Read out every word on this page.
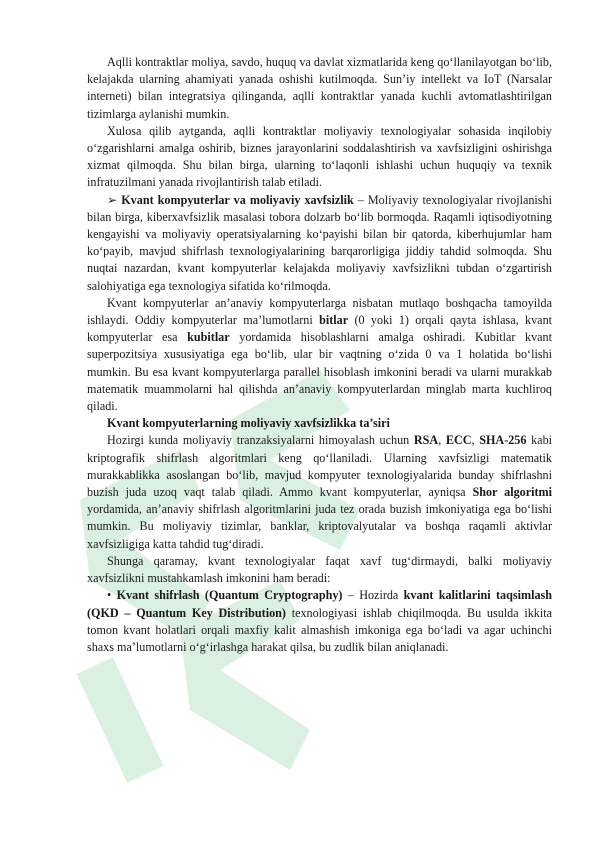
Aqlli kontraktlar moliya, savdo, huquq va davlat xizmatlarida keng qo‘llanilayotgan bo‘lib, kelajakda ularning ahamiyati yanada oshishi kutilmoqda. Sun’iy intellekt va IoT (Narsalar interneti) bilan integratsiya qilinganda, aqlli kontraktlar yanada kuchli avtomatlashtirilgan tizimlarga aylanishi mumkin.

Xulosa qilib aytganda, aqlli kontraktlar moliyaviy texnologiyalar sohasida inqilobiy o‘zgarishlarni amalga oshirib, biznes jarayonlarini soddalashtirish va xavfsizligini oshirishga xizmat qilmoqda. Shu bilan birga, ularning to‘laqonli ishlashi uchun huquqiy va texnik infratuzilmani yanada rivojlantirish talab etiladi.

➢ Kvant kompyuterlar va moliyaviy xavfsizlik – Moliyaviy texnologiyalar rivojlanishi bilan birga, kiberxavfsizlik masalasi tobora dolzarb bo‘lib bormoqda. Raqamli iqtisodiyotning kengayishi va moliyaviy operatsiyalarning ko‘payishi bilan bir qatorda, kiberhujumlar ham ko‘payib, mavjud shifrlash texnologiyalarining barqarorligiga jiddiy tahdid solmoqda. Shu nuqtai nazardan, kvant kompyuterlar kelajakda moliyaviy xavfsizlikni tubdan o‘zgartirish salohiyatiga ega texnologiya sifatida ko‘rilmoqda.

Kvant kompyuterlar an’anaviy kompyuterlarga nisbatan mutlaqo boshqacha tamoyilda ishlaydi. Oddiy kompyuterlar ma’lumotlarni bitlar (0 yoki 1) orqali qayta ishlasa, kvant kompyuterlar esa kubitlar yordamida hisoblashlarni amalga oshiradi. Kubitlar kvant superpozitsiya xususiyatiga ega bo‘lib, ular bir vaqtning o‘zida 0 va 1 holatida bo‘lishi mumkin. Bu esa kvant kompyuterlarga parallel hisoblash imkonini beradi va ularni murakkab matematik muammolarni hal qilishda an’anaviy kompyuterlardan minglab marta kuchliroq qiladi.

Kvant kompyuterlarning moliyaviy xavfsizlikka ta’siri

Hozirgi kunda moliyaviy tranzaksiyalarni himoyalash uchun RSA, ECC, SHA-256 kabi kriptografik shifrlash algoritmlari keng qo‘llaniladi. Ularning xavfsizligi matematik murakkablikka asoslangan bo‘lib, mavjud kompyuter texnologiyalarida bunday shifrlashni buzish juda uzoq vaqt talab qiladi. Ammo kvant kompyuterlar, ayniqsa Shor algoritmi yordamida, an’anaviy shifrlash algoritmlarini juda tez orada buzish imkoniyatiga ega bo‘lishi mumkin. Bu moliyaviy tizimlar, banklar, kriptovalyutalar va boshqa raqamli aktivlar xavfsizligiga katta tahdid tug‘diradi.

Shunga qaramay, kvant texnologiyalar faqat xavf tug‘dirmaydi, balki moliyaviy xavfsizlikni mustahkamlash imkonini ham beradi:

• Kvant shifrlash (Quantum Cryptography) – Hozirda kvant kalitlarini taqsimlash (QKD – Quantum Key Distribution) texnologiyasi ishlab chiqilmoqda. Bu usulda ikkita tomon kvant holatlari orqali maxfiy kalit almashish imkoniga ega bo‘ladi va agar uchinchi shaxs ma’lumotlarni o‘g‘irlashga harakat qilsa, bu zudlik bilan aniqlanadi.
